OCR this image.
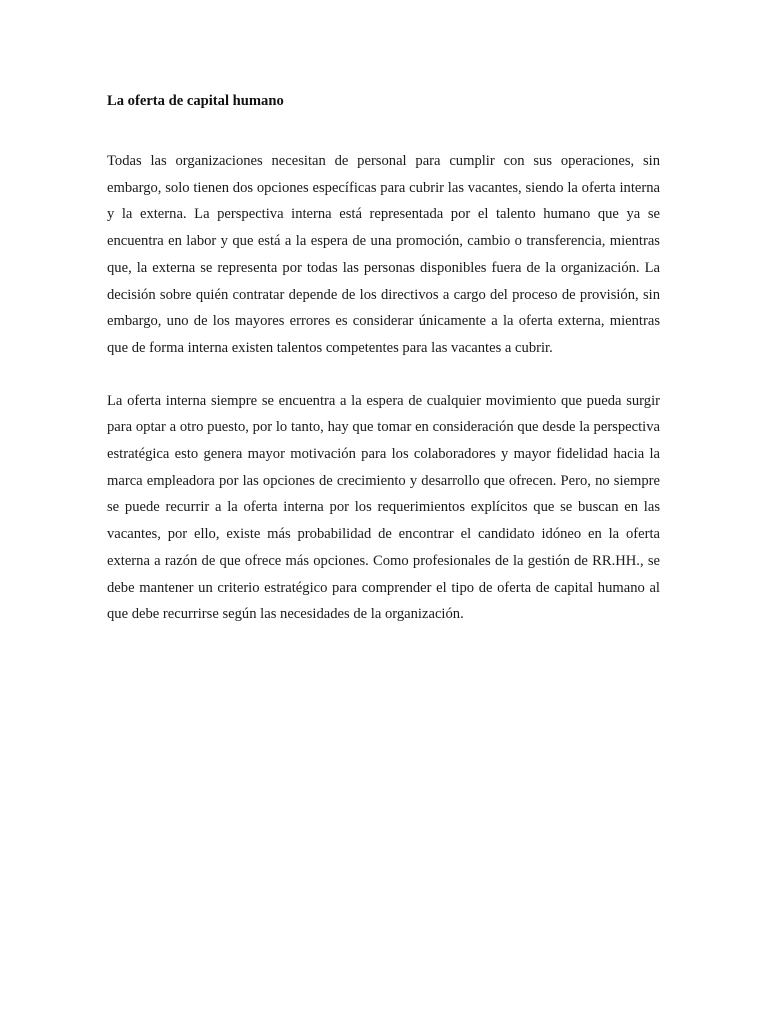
La oferta de capital humano

Todas las organizaciones necesitan de personal para cumplir con sus operaciones, sin embargo, solo tienen dos opciones específicas para cubrir las vacantes, siendo la oferta interna y la externa. La perspectiva interna está representada por el talento humano que ya se encuentra en labor y que está a la espera de una promoción, cambio o transferencia, mientras que, la externa se representa por todas las personas disponibles fuera de la organización. La decisión sobre quién contratar depende de los directivos a cargo del proceso de provisión, sin embargo, uno de los mayores errores es considerar únicamente a la oferta externa, mientras que de forma interna existen talentos competentes para las vacantes a cubrir.

La oferta interna siempre se encuentra a la espera de cualquier movimiento que pueda surgir para optar a otro puesto, por lo tanto, hay que tomar en consideración que desde la perspectiva estratégica esto genera mayor motivación para los colaboradores y mayor fidelidad hacia la marca empleadora por las opciones de crecimiento y desarrollo que ofrecen. Pero, no siempre se puede recurrir a la oferta interna por los requerimientos explícitos que se buscan en las vacantes, por ello, existe más probabilidad de encontrar el candidato idóneo en la oferta externa a razón de que ofrece más opciones. Como profesionales de la gestión de RR.HH., se debe mantener un criterio estratégico para comprender el tipo de oferta de capital humano al que debe recurrirse según las necesidades de la organización.
